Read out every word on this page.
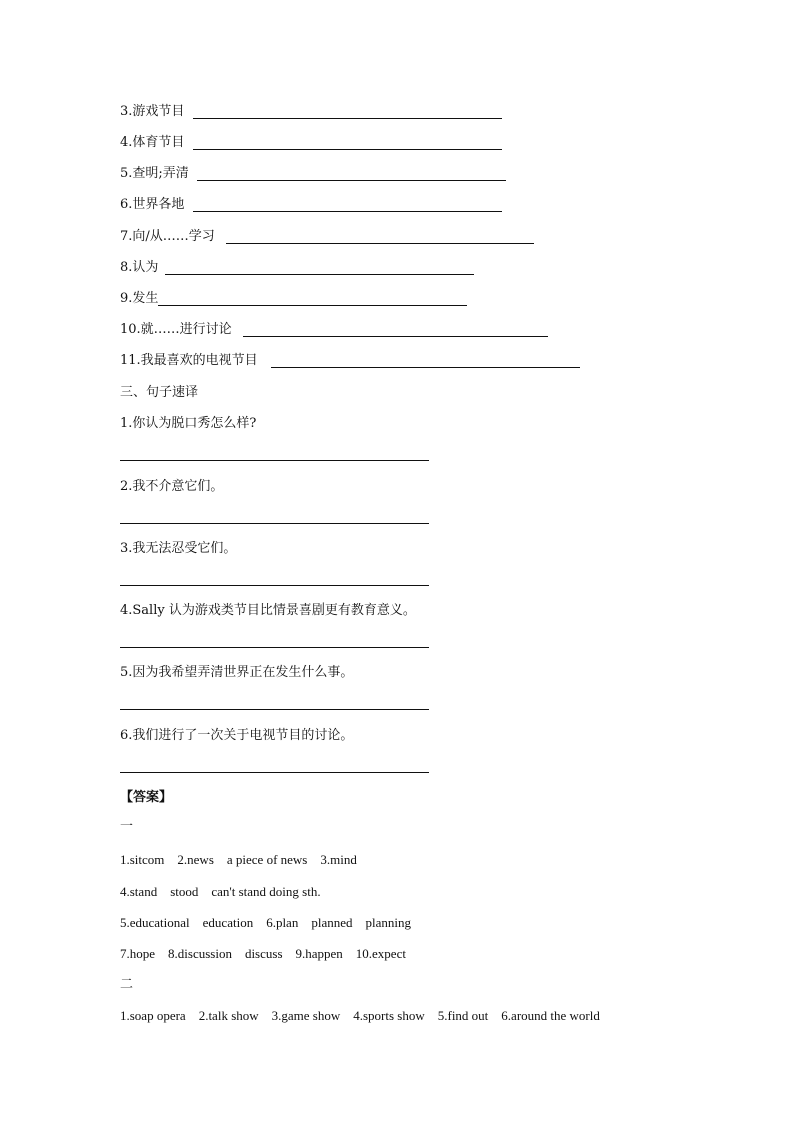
3.游戏节目
4.体育节目
5.查明;弄清
6.世界各地
7.向/从……学习
8.认为
9.发生
10.就……进行讨论
11.我最喜欢的电视节目
三、句子速译
1.你认为脱口秀怎么样?
2.我不介意它们。
3.我无法忍受它们。
4.Sally 认为游戏类节目比情景喜剧更有教育意义。
5.因为我希望弄清世界正在发生什么事。
6.我们进行了一次关于电视节目的讨论。
【答案】
一
1.sitcom    2.news    a piece of news    3.mind
4.stand    stood    can't stand doing sth.
5.educational    education    6.plan    planned    planning
7.hope    8.discussion    discuss    9.happen    10.expect
二
1.soap opera    2.talk show    3.game show    4.sports show    5.find out    6.around the world
